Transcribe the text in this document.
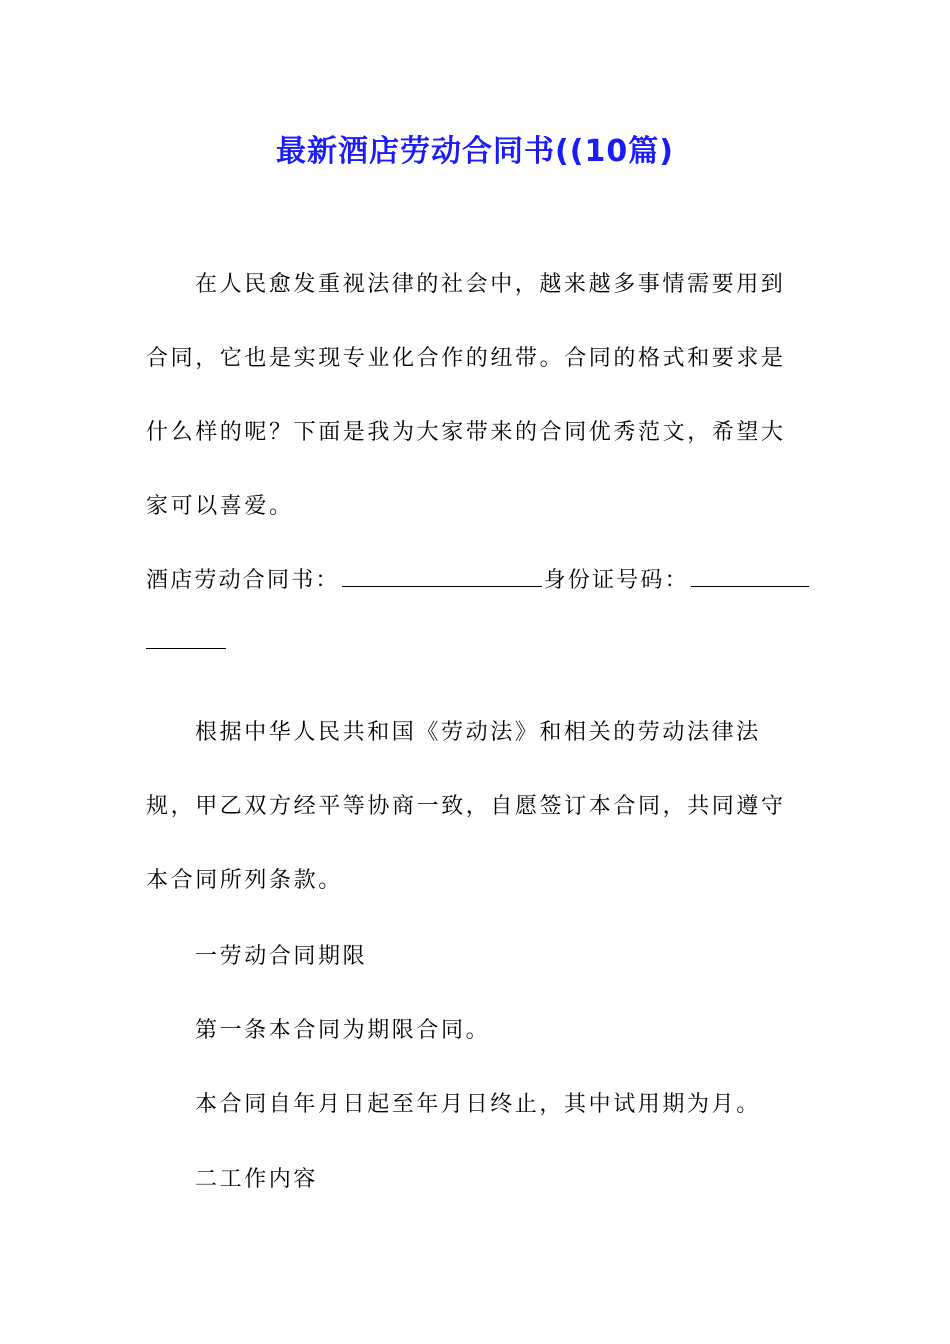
最新酒店劳动合同书((10篇)

在人民愈发重视法律的社会中，越来越多事情需要用到合同，它也是实现专业化合作的纽带。合同的格式和要求是什么样的呢？下面是我为大家带来的合同优秀范文，希望大家可以喜爱。

酒店劳动合同书：	身份证号码：

根据中华人民共和国《劳动法》和相关的劳动法律法规，甲乙双方经平等协商一致，自愿签订本合同，共同遵守本合同所列条款。

一劳动合同期限
第一条本合同为期限合同。
本合同自年月日起至年月日终止，其中试用期为月。
二工作内容
